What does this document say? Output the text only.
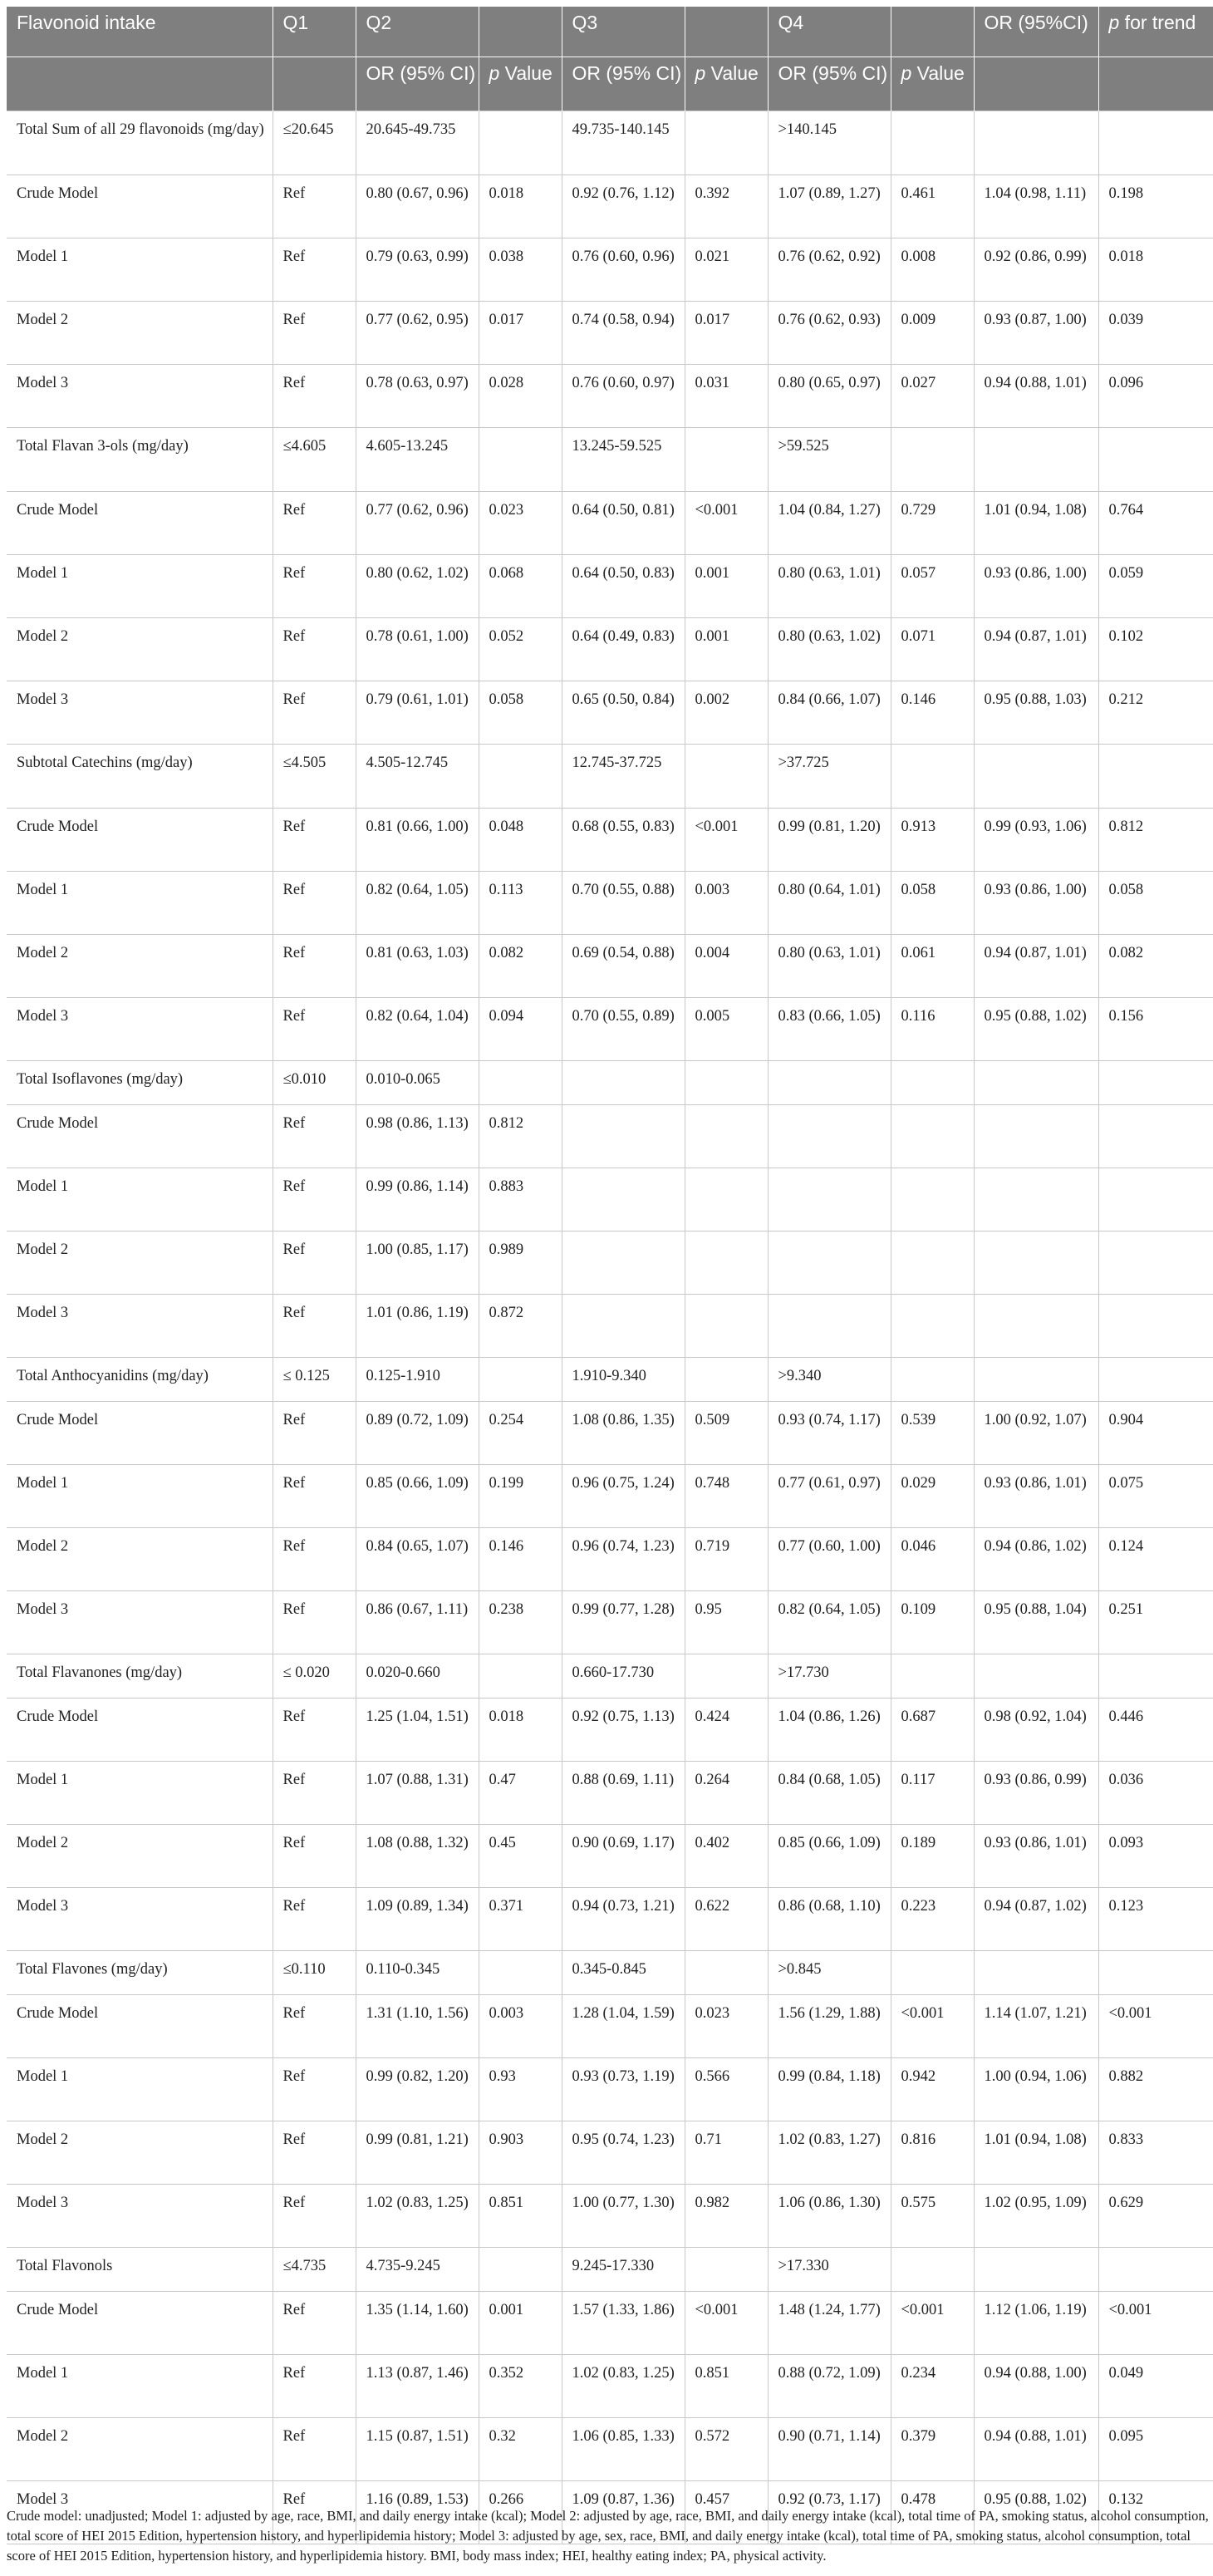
Flavonoid intake	Q1	Q2		Q3		Q4		OR (95%CI)	p for trend
		OR (95% CI)	p Value	OR (95% CI)	p Value	OR (95% CI)	p Value		
Total Sum of all 29 flavonoids (mg/day)	≤20.645	20.645-49.735		49.735-140.145		>140.145			
Crude Model	Ref	0.80 (0.67, 0.96)	0.018	0.92 (0.76, 1.12)	0.392	1.07 (0.89, 1.27)	0.461	1.04 (0.98, 1.11)	0.198
Model 1	Ref	0.79 (0.63, 0.99)	0.038	0.76 (0.60, 0.96)	0.021	0.76 (0.62, 0.92)	0.008	0.92 (0.86, 0.99)	0.018
Model 2	Ref	0.77 (0.62, 0.95)	0.017	0.74 (0.58, 0.94)	0.017	0.76 (0.62, 0.93)	0.009	0.93 (0.87, 1.00)	0.039
Model 3	Ref	0.78 (0.63, 0.97)	0.028	0.76 (0.60, 0.97)	0.031	0.80 (0.65, 0.97)	0.027	0.94 (0.88, 1.01)	0.096
Total Flavan 3-ols (mg/day)	≤4.605	4.605-13.245		13.245-59.525		>59.525			
Crude Model	Ref	0.77 (0.62, 0.96)	0.023	0.64 (0.50, 0.81)	<0.001	1.04 (0.84, 1.27)	0.729	1.01 (0.94, 1.08)	0.764
Model 1	Ref	0.80 (0.62, 1.02)	0.068	0.64 (0.50, 0.83)	0.001	0.80 (0.63, 1.01)	0.057	0.93 (0.86, 1.00)	0.059
Model 2	Ref	0.78 (0.61, 1.00)	0.052	0.64 (0.49, 0.83)	0.001	0.80 (0.63, 1.02)	0.071	0.94 (0.87, 1.01)	0.102
Model 3	Ref	0.79 (0.61, 1.01)	0.058	0.65 (0.50, 0.84)	0.002	0.84 (0.66, 1.07)	0.146	0.95 (0.88, 1.03)	0.212
Subtotal Catechins (mg/day)	≤4.505	4.505-12.745		12.745-37.725		>37.725			
Crude Model	Ref	0.81 (0.66, 1.00)	0.048	0.68 (0.55, 0.83)	<0.001	0.99 (0.81, 1.20)	0.913	0.99 (0.93, 1.06)	0.812
Model 1	Ref	0.82 (0.64, 1.05)	0.113	0.70 (0.55, 0.88)	0.003	0.80 (0.64, 1.01)	0.058	0.93 (0.86, 1.00)	0.058
Model 2	Ref	0.81 (0.63, 1.03)	0.082	0.69 (0.54, 0.88)	0.004	0.80 (0.63, 1.01)	0.061	0.94 (0.87, 1.01)	0.082
Model 3	Ref	0.82 (0.64, 1.04)	0.094	0.70 (0.55, 0.89)	0.005	0.83 (0.66, 1.05)	0.116	0.95 (0.88, 1.02)	0.156
Total Isoflavones (mg/day)	≤0.010	0.010-0.065							
Crude Model	Ref	0.98 (0.86, 1.13)	0.812						
Model 1	Ref	0.99 (0.86, 1.14)	0.883						
Model 2	Ref	1.00 (0.85, 1.17)	0.989						
Model 3	Ref	1.01 (0.86, 1.19)	0.872						
Total Anthocyanidins (mg/day)	≤ 0.125	0.125-1.910		1.910-9.340		>9.340			
Crude Model	Ref	0.89 (0.72, 1.09)	0.254	1.08 (0.86, 1.35)	0.509	0.93 (0.74, 1.17)	0.539	1.00 (0.92, 1.07)	0.904
Model 1	Ref	0.85 (0.66, 1.09)	0.199	0.96 (0.75, 1.24)	0.748	0.77 (0.61, 0.97)	0.029	0.93 (0.86, 1.01)	0.075
Model 2	Ref	0.84 (0.65, 1.07)	0.146	0.96 (0.74, 1.23)	0.719	0.77 (0.60, 1.00)	0.046	0.94 (0.86, 1.02)	0.124
Model 3	Ref	0.86 (0.67, 1.11)	0.238	0.99 (0.77, 1.28)	0.95	0.82 (0.64, 1.05)	0.109	0.95 (0.88, 1.04)	0.251
Total Flavanones (mg/day)	≤ 0.020	0.020-0.660		0.660-17.730		>17.730			
Crude Model	Ref	1.25 (1.04, 1.51)	0.018	0.92 (0.75, 1.13)	0.424	1.04 (0.86, 1.26)	0.687	0.98 (0.92, 1.04)	0.446
Model 1	Ref	1.07 (0.88, 1.31)	0.47	0.88 (0.69, 1.11)	0.264	0.84 (0.68, 1.05)	0.117	0.93 (0.86, 0.99)	0.036
Model 2	Ref	1.08 (0.88, 1.32)	0.45	0.90 (0.69, 1.17)	0.402	0.85 (0.66, 1.09)	0.189	0.93 (0.86, 1.01)	0.093
Model 3	Ref	1.09 (0.89, 1.34)	0.371	0.94 (0.73, 1.21)	0.622	0.86 (0.68, 1.10)	0.223	0.94 (0.87, 1.02)	0.123
Total Flavones (mg/day)	≤0.110	0.110-0.345		0.345-0.845		>0.845			
Crude Model	Ref	1.31 (1.10, 1.56)	0.003	1.28 (1.04, 1.59)	0.023	1.56 (1.29, 1.88)	<0.001	1.14 (1.07, 1.21)	<0.001
Model 1	Ref	0.99 (0.82, 1.20)	0.93	0.93 (0.73, 1.19)	0.566	0.99 (0.84, 1.18)	0.942	1.00 (0.94, 1.06)	0.882
Model 2	Ref	0.99 (0.81, 1.21)	0.903	0.95 (0.74, 1.23)	0.71	1.02 (0.83, 1.27)	0.816	1.01 (0.94, 1.08)	0.833
Model 3	Ref	1.02 (0.83, 1.25)	0.851	1.00 (0.77, 1.30)	0.982	1.06 (0.86, 1.30)	0.575	1.02 (0.95, 1.09)	0.629
Total Flavonols	≤4.735	4.735-9.245		9.245-17.330		>17.330			
Crude Model	Ref	1.35 (1.14, 1.60)	0.001	1.57 (1.33, 1.86)	<0.001	1.48 (1.24, 1.77)	<0.001	1.12 (1.06, 1.19)	<0.001
Model 1	Ref	1.13 (0.87, 1.46)	0.352	1.02 (0.83, 1.25)	0.851	0.88 (0.72, 1.09)	0.234	0.94 (0.88, 1.00)	0.049
Model 2	Ref	1.15 (0.87, 1.51)	0.32	1.06 (0.85, 1.33)	0.572	0.90 (0.71, 1.14)	0.379	0.94 (0.88, 1.01)	0.095
Model 3	Ref	1.16 (0.89, 1.53)	0.266	1.09 (0.87, 1.36)	0.457	0.92 (0.73, 1.17)	0.478	0.95 (0.88, 1.02)	0.132
Crude model: unadjusted; Model 1: adjusted by age, race, BMI, and daily energy intake (kcal); Model 2: adjusted by age, race, BMI, and daily energy intake (kcal), total time of PA, smoking status, alcohol consumption, total score of HEI 2015 Edition, hypertension history, and hyperlipidemia history; Model 3: adjusted by age, sex, race, BMI, and daily energy intake (kcal), total time of PA, smoking status, alcohol consumption, total score of HEI 2015 Edition, hypertension history, and hyperlipidemia history. BMI, body mass index; HEI, healthy eating index; PA, physical activity.
